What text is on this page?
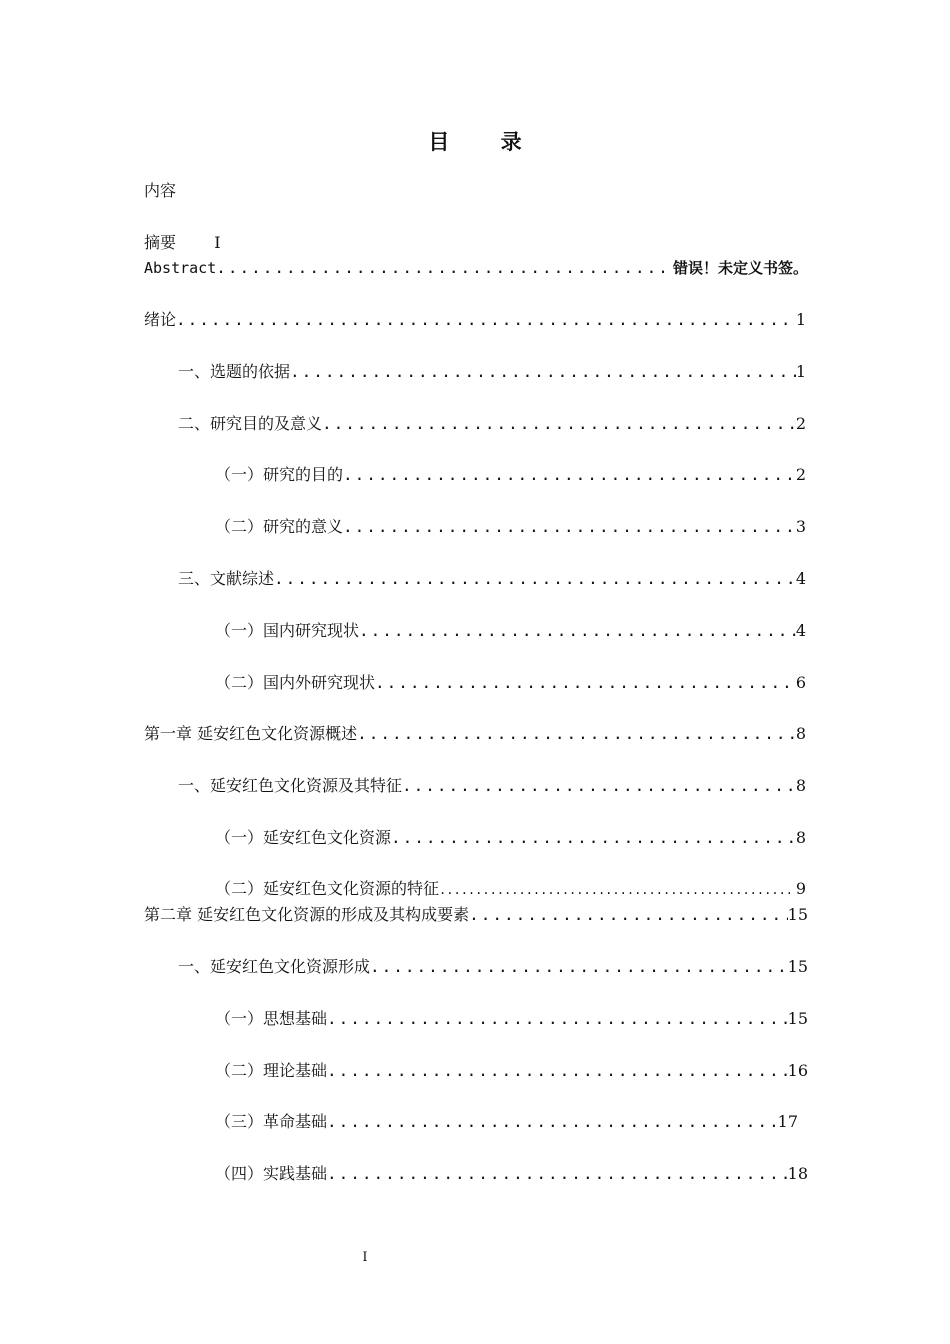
目 录
内容
摘要 I
Abstract .....	错误！未定义书签。
绪论 .....	1
一、选题的依据 .....	1
二、研究目的及意义 .....	2
（一）研究的目的 .....	2
（二）研究的意义 .....	3
三、文献综述 .....	4
（一）国内研究现状 .....	4
（二）国内外研究现状 .....	6
第一章 延安红色文化资源概述 .....	8
一、延安红色文化资源及其特征 .....	8
（一）延安红色文化资源 .....	8
（二）延安红色文化资源的特征 .....	9
第二章 延安红色文化资源的形成及其构成要素 .....	15
一、延安红色文化资源形成 .....	15
（一）思想基础 .....	15
（二）理论基础 .....	16
（三）革命基础 .....	17
（四）实践基础 .....	18
I
